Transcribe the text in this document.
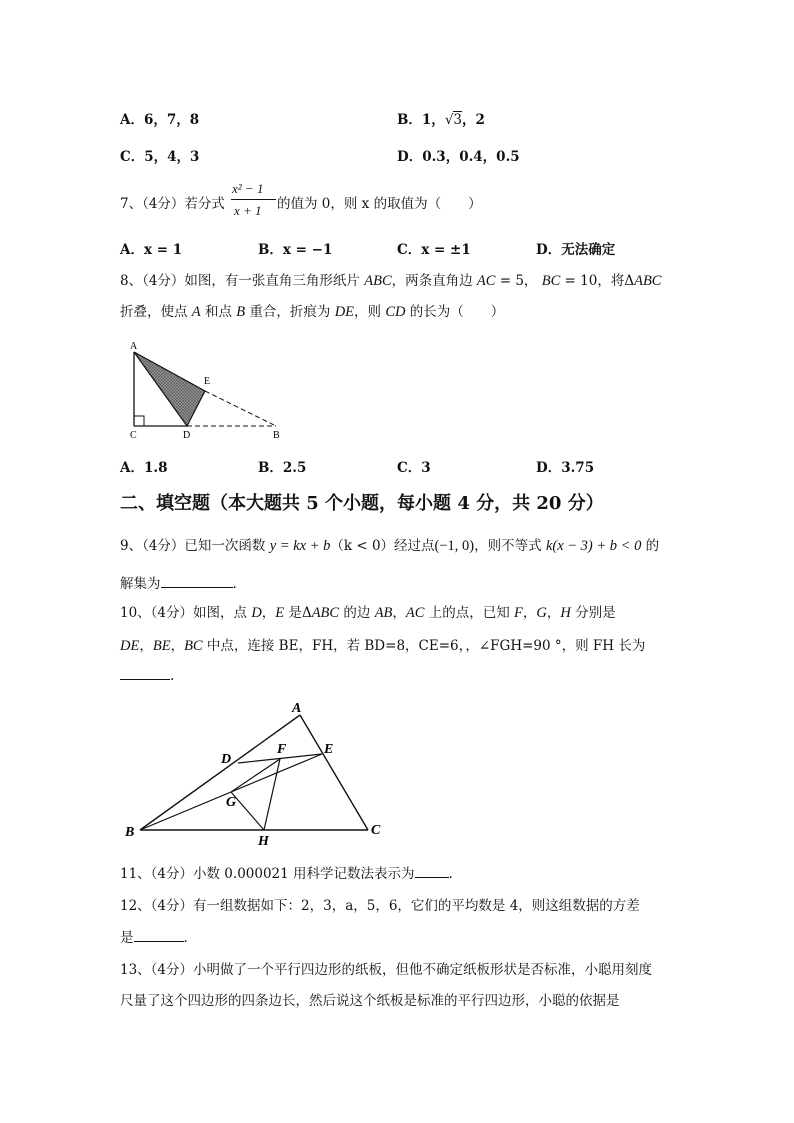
A．6，7，8	B．1，√3，2
C．5，4，3	D．0.3，0.4，0.5
7、（4分）若分式
x² − 1
x + 1 的值为 0，则 x 的取值为（　　）
A．x = 1	B．x = −1	C．x = ±1	D．无法确定
8、（4分）如图，有一张直角三角形纸片 ABC，两条直角边 AC = 5， BC = 10，将ΔABC
折叠，使点 A 和点 B 重合，折痕为 DE，则 CD 的长为（　　）
A
E
C	D	B
A．1.8	B．2.5	C．3	D．3.75
二、填空题（本大题共 5 个小题，每小题 4 分，共 20 分）
9、（4分）已知一次函数 y = kx + b（k < 0）经过点(−1, 0)，则不等式 k(x − 3) + b < 0 的
解集为	.
10、（4分）如图，点 D，E 是ΔABC 的边 AB，AC 上的点，已知 F，G，H 分别是
DE，BE，BC 中点，连接 BE，FH，若 BD=8，CE=6，，∠FGH=90 °，则 FH 长为
.
A
D
F	E
G
B
H
C
11、（4分）小数 0.000021 用科学记数法表示为	.
12、（4分）有一组数据如下：2，3，a，5，6，它们的平均数是 4，则这组数据的方差
是	.
13、（4分）小明做了一个平行四边形的纸板，但他不确定纸板形状是否标准，小聪用刻度
尺量了这个四边形的四条边长，然后说这个纸板是标准的平行四边形，小聪的依据是
